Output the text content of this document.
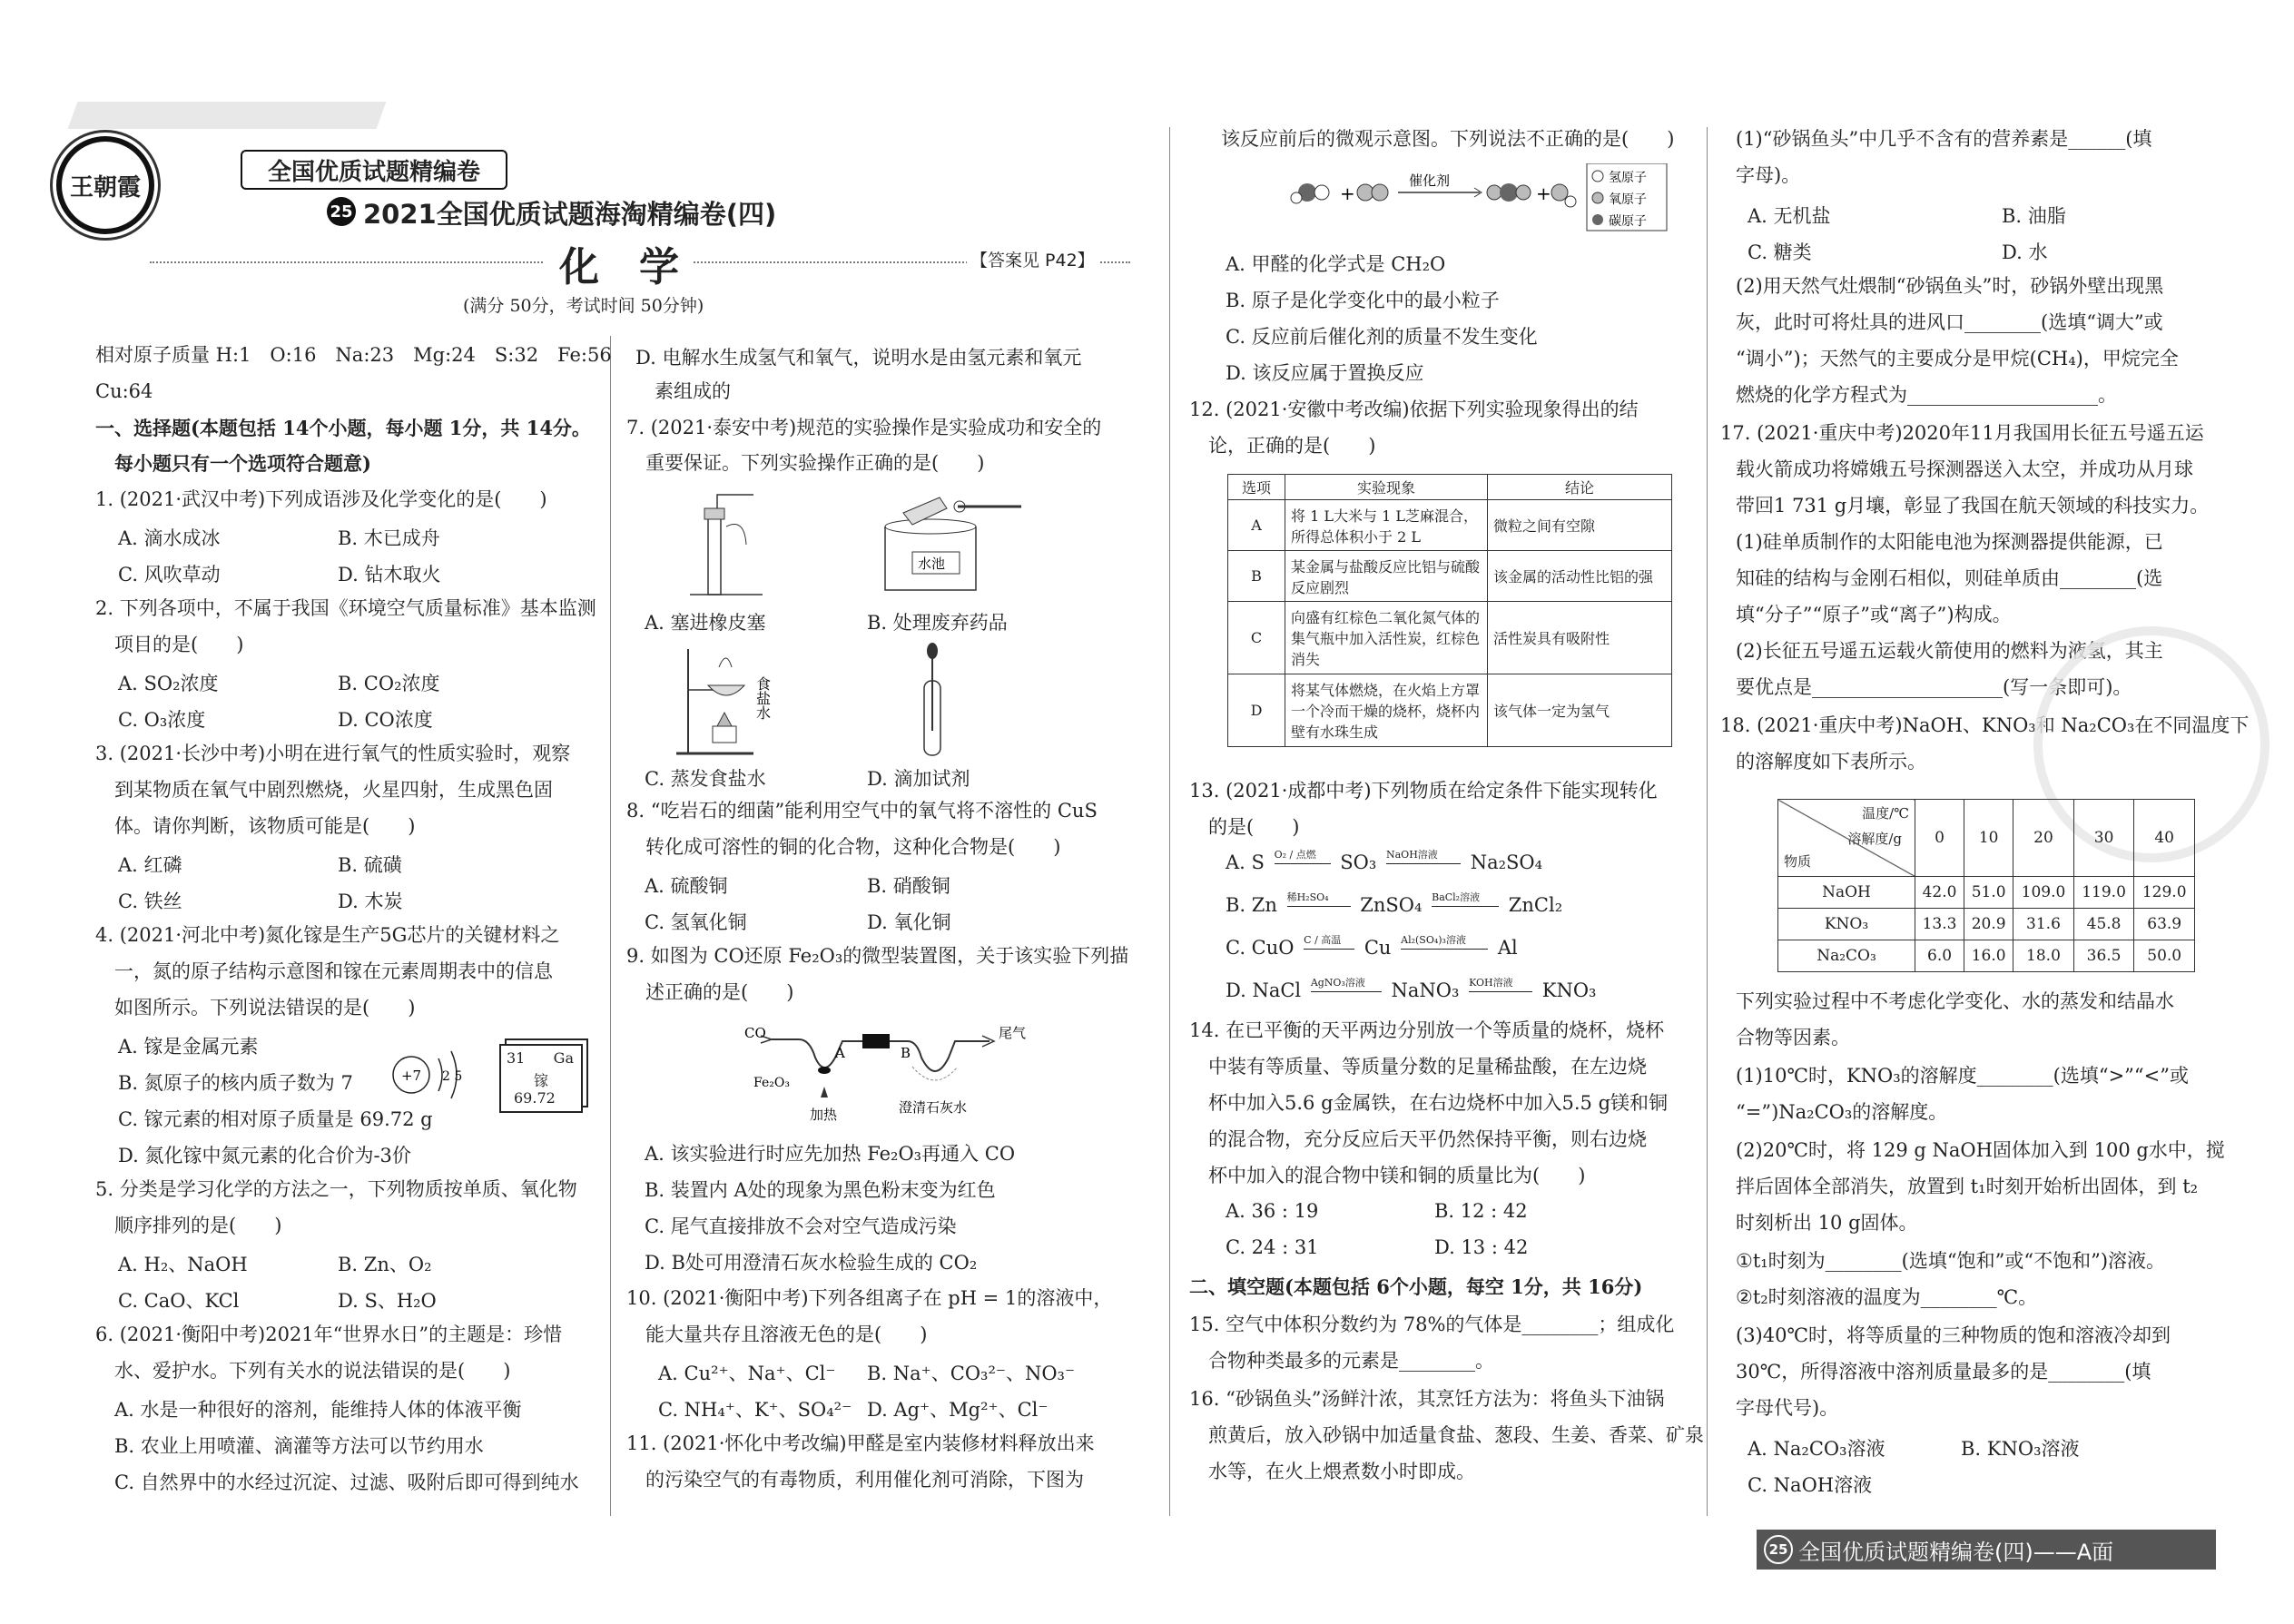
王朝霞
全国优质试题精编卷
25 2021全国优质试题海淘精编卷(四)
化　学	【答案见 P42】
(满分 50分，考试时间 50分钟)
相对原子质量 H:1　O:16　Na:23　Mg:24　S:32　Fe:56
Cu:64
一、选择题(本题包括 14个小题，每小题 1分，共 14分。
　每小题只有一个选项符合题意)
1. (2021·武汉中考)下列成语涉及化学变化的是(　　)
A. 滴水成冰	B. 木已成舟
C. 风吹草动	D. 钻木取火
2. 下列各项中，不属于我国《环境空气质量标准》基本监测
　项目的是(　　)
A. SO₂浓度	B. CO₂浓度
C. O₃浓度	D. CO浓度
3. (2021·长沙中考)小明在进行氧气的性质实验时，观察
　到某物质在氧气中剧烈燃烧，火星四射，生成黑色固
　体。请你判断，该物质可能是(　　)
A. 红磷	B. 硫磺
C. 铁丝	D. 木炭
4. (2021·河北中考)氮化镓是生产5G芯片的关键材料之
　一，氮的原子结构示意图和镓在元素周期表中的信息
　如图所示。下列说法错误的是(　　)
A. 镓是金属元素
B. 氮原子的核内质子数为 7
C. 镓元素的相对原子质量是 69.72 g
D. 氮化镓中氮元素的化合价为-3价
+7 2 5
31 Ga
镓
69.72
5. 分类是学习化学的方法之一，下列物质按单质、氧化物
　顺序排列的是(　　)
A. H₂、NaOH	B. Zn、O₂
C. CaO、KCl	D. S、H₂O
6. (2021·衡阳中考)2021年“世界水日”的主题是：珍惜
　水、爱护水。下列有关水的说法错误的是(　　)
　A. 水是一种很好的溶剂，能维持人体的体液平衡
　B. 农业上用喷灌、滴灌等方法可以节约用水
　C. 自然界中的水经过沉淀、过滤、吸附后即可得到纯水
D. 电解水生成氢气和氧气，说明水是由氢元素和氧元
　素组成的
7. (2021·泰安中考)规范的实验操作是实验成功和安全的
　重要保证。下列实验操作正确的是(　　)
水池
A. 塞进橡皮塞	B. 处理废弃药品
食盐水
C. 蒸发食盐水	D. 滴加试剂
8. “吃岩石的细菌”能利用空气中的氧气将不溶性的 CuS
　转化成可溶性的铜的化合物，这种化合物是(　　)
A. 硫酸铜	B. 硝酸铜
C. 氢氧化铜	D. 氧化铜
9. 如图为 CO还原 Fe₂O₃的微型装置图，关于该实验下列描
　述正确的是(　　)
CO	尾气
Fe₂O₃
A	B
加热	澄清石灰水
A. 该实验进行时应先加热 Fe₂O₃再通入 CO
B. 装置内 A处的现象为黑色粉末变为红色
C. 尾气直接排放不会对空气造成污染
D. B处可用澄清石灰水检验生成的 CO₂
10. (2021·衡阳中考)下列各组离子在 pH = 1的溶液中，
　能大量共存且溶液无色的是(　　)
A. Cu²⁺、Na⁺、Cl⁻ B. Na⁺、CO₃²⁻、NO₃⁻
C. NH₄⁺、K⁺、SO₄²⁻ D. Ag⁺、Mg²⁺、Cl⁻
11. (2021·怀化中考改编)甲醛是室内装修材料释放出来
　的污染空气的有毒物质，利用催化剂可消除，下图为
该反应前后的微观示意图。下列说法不正确的是(　　)
+
催化剂
+
氢原子
氧原子
碳原子
A. 甲醛的化学式是 CH₂O
B. 原子是化学变化中的最小粒子
C. 反应前后催化剂的质量不发生变化
D. 该反应属于置换反应
12. (2021·安徽中考改编)依据下列实验现象得出的结
　论，正确的是(　　)
选项	实验现象	结论
A	将 1 L大米与 1 L芝麻混合，所得总体积小于 2 L	微粒之间有空隙
B	某金属与盐酸反应比铝与硫酸反应剧烈	该金属的活动性比铝的强
C	向盛有红棕色二氧化氮气体的集气瓶中加入活性炭，红棕色消失	活性炭具有吸附性
D	将某气体燃烧，在火焰上方罩一个冷而干燥的烧杯，烧杯内壁有水珠生成	该气体一定为氢气
13. (2021·成都中考)下列物质在给定条件下能实现转化
　的是(　　)
A. S O₂ / 点燃 SO₃ NaOH溶液 Na₂SO₄
B. Zn 稀H₂SO₄ ZnSO₄ BaCl₂溶液 ZnCl₂
C. CuO C / 高温 Cu Al₂(SO₄)₃溶液 Al
D. NaCl AgNO₃溶液 NaNO₃ KOH溶液 KNO₃
14. 在已平衡的天平两边分别放一个等质量的烧杯，烧杯
　中装有等质量、等质量分数的足量稀盐酸，在左边烧
　杯中加入5.6 g金属铁，在右边烧杯中加入5.5 g镁和铜
　的混合物，充分反应后天平仍然保持平衡，则右边烧
　杯中加入的混合物中镁和铜的质量比为(　　)
A. 36 : 19	B. 12 : 42
C. 24 : 31	D. 13 : 42
二、填空题(本题包括 6个小题，每空 1分，共 16分)
15. 空气中体积分数约为 78%的气体是________；组成化
　合物种类最多的元素是________。
16. “砂锅鱼头”汤鲜汁浓，其烹饪方法为：将鱼头下油锅
　煎黄后，放入砂锅中加适量食盐、葱段、生姜、香菜、矿泉
　水等，在火上煨煮数小时即成。
(1)“砂锅鱼头”中几乎不含有的营养素是______(填
字母)。
A. 无机盐	B. 油脂
C. 糖类	D. 水
(2)用天然气灶煨制“砂锅鱼头”时，砂锅外壁出现黑
灰，此时可将灶具的进风口________(选填“调大”或
“调小”)；天然气的主要成分是甲烷(CH₄)，甲烷完全
燃烧的化学方程式为____________________。
17. (2021·重庆中考)2020年11月我国用长征五号遥五运
载火箭成功将嫦娥五号探测器送入太空，并成功从月球
带回1 731 g月壤，彰显了我国在航天领域的科技实力。
(1)硅单质制作的太阳能电池为探测器提供能源，已
知硅的结构与金刚石相似，则硅单质由________(选
填“分子”“原子”或“离子”)构成。
(2)长征五号遥五运载火箭使用的燃料为液氢，其主
要优点是____________________(写一条即可)。
18. (2021·重庆中考)NaOH、KNO₃和 Na₂CO₃在不同温度下
的溶解度如下表所示。
温度/℃
溶解度/g
物质	0	10	20	30	40
NaOH	42.0	51.0	109.0	119.0	129.0
KNO₃	13.3	20.9	31.6	45.8	63.9
Na₂CO₃	6.0	16.0	18.0	36.5	50.0
下列实验过程中不考虑化学变化、水的蒸发和结晶水
合物等因素。
(1)10℃时，KNO₃的溶解度________(选填“>”“<”或
“=”)Na₂CO₃的溶解度。
(2)20℃时，将 129 g NaOH固体加入到 100 g水中，搅
拌后固体全部消失，放置到 t₁时刻开始析出固体，到 t₂
时刻析出 10 g固体。
①t₁时刻为________(选填“饱和”或“不饱和”)溶液。
②t₂时刻溶液的温度为________℃。
(3)40℃时，将等质量的三种物质的饱和溶液冷却到
30℃，所得溶液中溶剂质量最多的是________(填
字母代号)。
A. Na₂CO₃溶液	B. KNO₃溶液
C. NaOH溶液
25 全国优质试题精编卷(四)——A面
